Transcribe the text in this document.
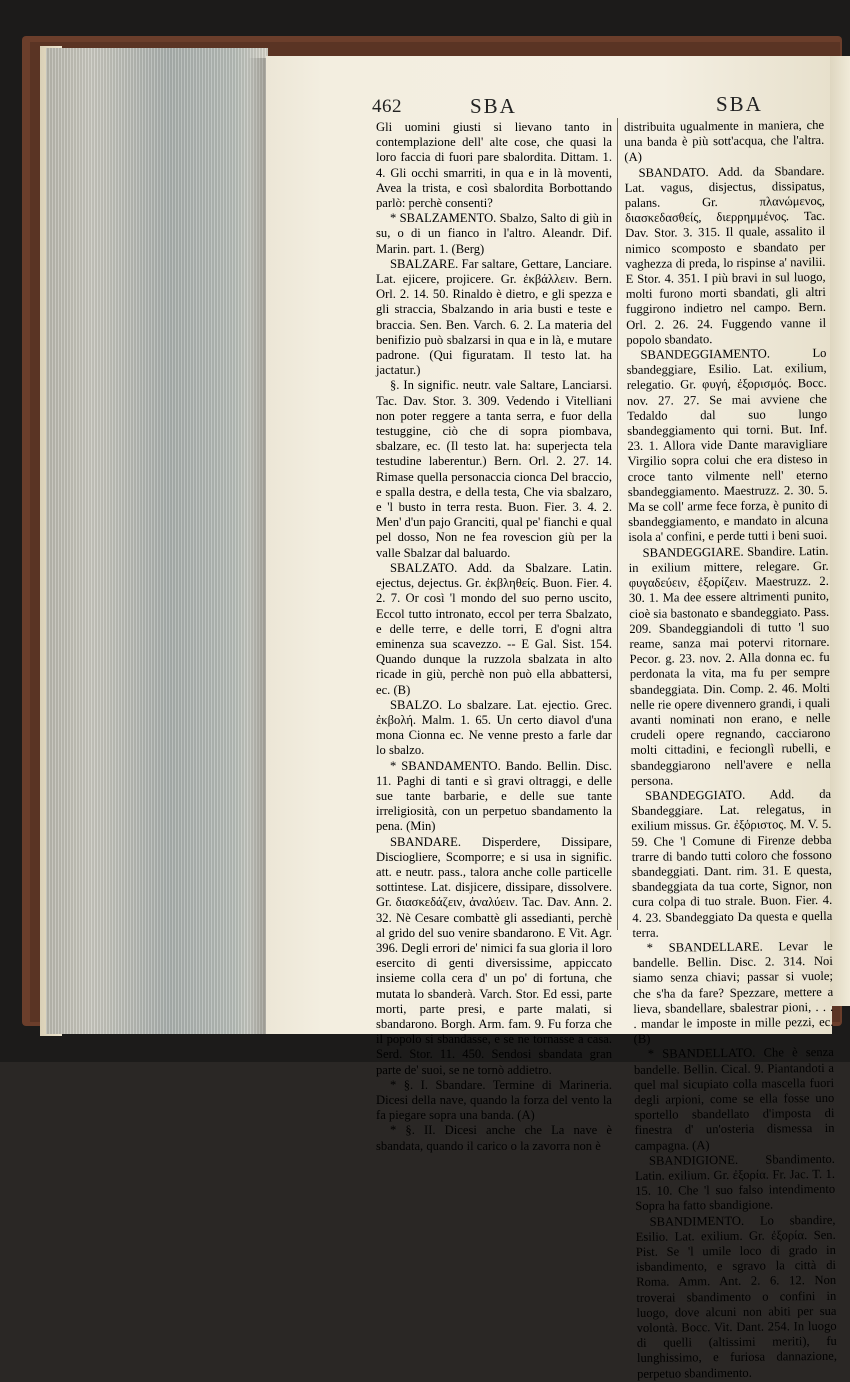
462	SBA	SBA

Gli uomini giusti si lievano tanto in contemplazione dell' alte cose, che quasi la loro faccia di fuori pare sbalordita. Dittam. 1. 4. Gli occhi smarriti, in qua e in là moventi, Avea la trista, e così sbalordita Borbottando parlò: perchè consenti?

* SBALZAMENTO. Sbalzo, Salto di giù in su, o di un fianco in l'altro. Aleandr. Dif. Marin. part. 1. (Berg)

SBALZARE. Far saltare, Gettare, Lanciare. Lat. ejicere, projicere. Gr. ἐκβάλλειν. Bern. Orl. 2. 14. 50. Rinaldo è dietro, e gli spezza e gli straccia, Sbalzando in aria busti e teste e braccia. Sen. Ben. Varch. 6. 2. La materia del benifizio può sbalzarsi in qua e in là, e mutare padrone. (Qui figuratam. Il testo lat. ha jactatur.)

§. In signific. neutr. vale Saltare, Lanciarsi. Tac. Dav. Stor. 3. 309. Vedendo i Vitelliani non poter reggere a tanta serra, e fuor della testuggine, ciò che di sopra piombava, sbalzare, ec. (Il testo lat. ha: superjecta tela testudine laberentur.) Bern. Orl. 2. 27. 14. Rimase quella personaccia cionca Del braccio, e spalla destra, e della testa, Che via sbalzaro, e 'l busto in terra resta. Buon. Fier. 3. 4. 2. Men' d'un pajo Granciti, qual pe' fianchi e qual pel dosso, Non ne fea rovescion giù per la valle Sbalzar dal baluardo.

SBALZATO. Add. da Sbalzare. Latin. ejectus, dejectus. Gr. ἐκβληθείς. Buon. Fier. 4. 2. 7. Or così 'l mondo del suo perno uscito, Eccol tutto intronato, eccol per terra Sbalzato, e delle terre, e delle torri, E d'ogni altra eminenza sua scavezzo. -- E Gal. Sist. 154. Quando dunque la ruzzola sbalzata in alto ricade in giù, perchè non può ella abbattersi, ec. (B)

SBALZO. Lo sbalzare. Lat. ejectio. Grec. ἐκβολή. Malm. 1. 65. Un certo diavol d'una mona Cionna ec. Ne venne presto a farle dar lo sbalzo.

* SBANDAMENTO. Bando. Bellin. Disc. 11. Paghi di tanti e sì gravi oltraggi, e delle sue tante barbarie, e delle sue tante irreligiosità, con un perpetuo sbandamento la pena. (Min)

SBANDARE. Disperdere, Dissipare, Disciogliere, Scomporre; e si usa in signific. att. e neutr. pass., talora anche colle particelle sottintese. Lat. disjicere, dissipare, dissolvere. Gr. διασκεδάζειν, ἀναλύειν. Tac. Dav. Ann. 2. 32. Nè Cesare combattè gli assedianti, perchè al grido del suo venire sbandarono. E Vit. Agr. 396. Degli errori de' nimici fa sua gloria il loro esercito di genti diversissime, appiccato insieme colla cera d' un po' di fortuna, che mutata lo sbanderà. Varch. Stor. Ed essi, parte morti, parte presi, e parte malati, si sbandarono. Borgh. Arm. fam. 9. Fu forza che il popolo si sbandasse, e se ne tornasse a casa. Serd. Stor. 11. 450. Sendosi sbandata gran parte de' suoi, se ne tornò addietro.

* §. I. Sbandare. Termine di Marineria. Dicesi della nave, quando la forza del vento la fa piegare sopra una banda. (A)

* §. II. Dicesi anche che La nave è sbandata, quando il carico o la zavorra non è

distribuita ugualmente in maniera, che una banda è più sott'acqua, che l'altra. (A)

SBANDATO. Add. da Sbandare. Lat. vagus, disjectus, dissipatus, palans. Gr. πλανώμενος, διασκεδασθείς, διερρημμένος. Tac. Dav. Stor. 3. 315. Il quale, assalito il nimico scomposto e sbandato per vaghezza di preda, lo rispinse a' navilii. E Stor. 4. 351. I più bravi in sul luogo, molti furono morti sbandati, gli altri fuggirono indietro nel campo. Bern. Orl. 2. 26. 24. Fuggendo vanne il popolo sbandato.

SBANDEGGIAMENTO. Lo sbandeggiare, Esilio. Lat. exilium, relegatio. Gr. φυγή, ἐξορισμός. Bocc. nov. 27. 27. Se mai avviene che Tedaldo dal suo lungo sbandeggiamento qui torni. But. Inf. 23. 1. Allora vide Dante maravigliare Virgilio sopra colui che era disteso in croce tanto vilmente nell' eterno sbandeggiamento. Maestruzz. 2. 30. 5. Ma se coll' arme fece forza, è punito di sbandeggiamento, e mandato in alcuna isola a' confini, e perde tutti i beni suoi.

SBANDEGGIARE. Sbandire. Latin. in exilium mittere, relegare. Gr. φυγαδεύειν, ἐξορίζειν. Maestruzz. 2. 30. 1. Ma dee essere altrimenti punito, cioè sia bastonato e sbandeggiato. Pass. 209. Sbandeggiandoli di tutto 'l suo reame, sanza mai potervi ritornare. Pecor. g. 23. nov. 2. Alla donna ec. fu perdonata la vita, ma fu per sempre sbandeggiata. Din. Comp. 2. 46. Molti nelle rie opere divennero grandi, i quali avanti nominati non erano, e nelle crudeli opere regnando, cacciarono molti cittadini, e fecionglì rubelli, e sbandeggiarono nell'avere e nella persona.

SBANDEGGIATO. Add. da Sbandeggiare. Lat. relegatus, in exilium missus. Gr. ἐξόριστος. M. V. 5. 59. Che 'l Comune di Firenze debba trarre di bando tutti coloro che fossono sbandeggiati. Dant. rim. 31. E questa, sbandeggiata da tua corte, Signor, non cura colpa di tuo strale. Buon. Fier. 4. 4. 23. Sbandeggiato Da questa e quella terra.

* SBANDELLARE. Levar le bandelle. Bellin. Disc. 2. 314. Noi siamo senza chiavi; passar si vuole; che s'ha da fare? Spezzare, mettere a lieva, sbandellare, sbalestrar pioni, . . . . mandar le imposte in mille pezzi, ec. (B)

* SBANDELLATO. Che è senza bandelle. Bellin. Cical. 9. Piantandoti a quel mal sicupiato colla mascella fuori degli arpioni, come se ella fosse uno sportello sbandellato d'imposta di finestra d' un'osteria dismessa in campagna. (A)

SBANDIGIONE. Sbandimento. Latin. exilium. Gr. ἐξορία. Fr. Jac. T. 1. 15. 10. Che 'l suo falso intendimento Sopra ha fatto sbandigione.

SBANDIMENTO. Lo sbandire, Esilio. Lat. exilium. Gr. ἐξορία. Sen. Pist. Se 'l umile loco di grado in isbandimento, e sgravo la città di Roma. Amm. Ant. 2. 6. 12. Non troverai sbandimento o confini in luogo, dove alcuni non abiti per sua volontà. Bocc. Vit. Dant. 254. In luogo di quelli (altissimi meriti), fu lunghissimo, e furiosa dannazione, perpetuo sbandimento.
